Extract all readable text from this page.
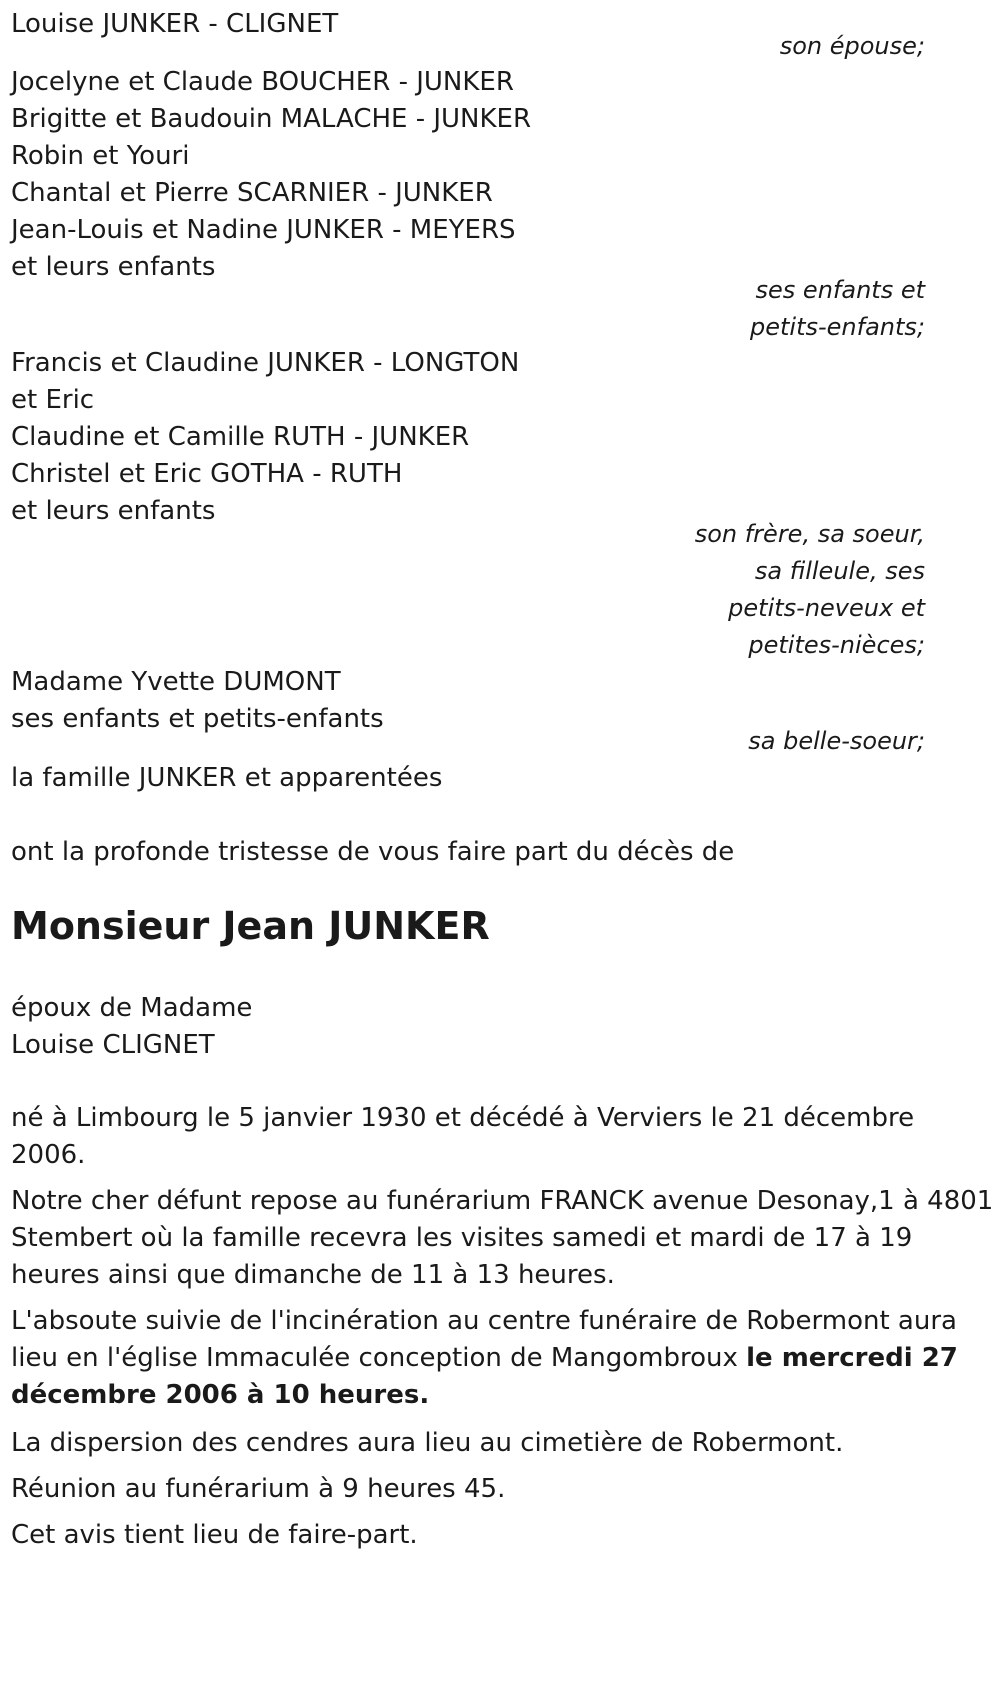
Louise JUNKER - CLIGNET
son épouse;
Jocelyne et Claude BOUCHER - JUNKER
Brigitte et Baudouin MALACHE - JUNKER
Robin et Youri
Chantal et Pierre SCARNIER - JUNKER
Jean-Louis et Nadine JUNKER - MEYERS
et leurs enfants
ses enfants et
petits-enfants;
Francis et Claudine JUNKER - LONGTON
et Eric
Claudine et Camille RUTH - JUNKER
Christel et Eric GOTHA - RUTH
et leurs enfants
son frère, sa soeur,
sa filleule, ses
petits-neveux et
petites-nièces;
Madame Yvette DUMONT
ses enfants et petits-enfants
sa belle-soeur;
la famille JUNKER et apparentées
ont la profonde tristesse de vous faire part du décès de
Monsieur Jean JUNKER
époux de Madame
Louise CLIGNET

né à Limbourg le 5 janvier 1930 et décédé à Verviers le 21 décembre 2006.

Notre cher défunt repose au funérarium FRANCK avenue Desonay,1 à 4801 Stembert où la famille recevra les visites samedi et mardi de 17 à 19 heures ainsi que dimanche de 11 à 13 heures.

L'absoute suivie de l'incinération au centre funéraire de Robermont aura lieu en l'église Immaculée conception de Mangombroux le mercredi 27 décembre 2006 à 10 heures.

La dispersion des cendres aura lieu au cimetière de Robermont.
Réunion au funérarium à 9 heures 45.
Cet avis tient lieu de faire-part.
